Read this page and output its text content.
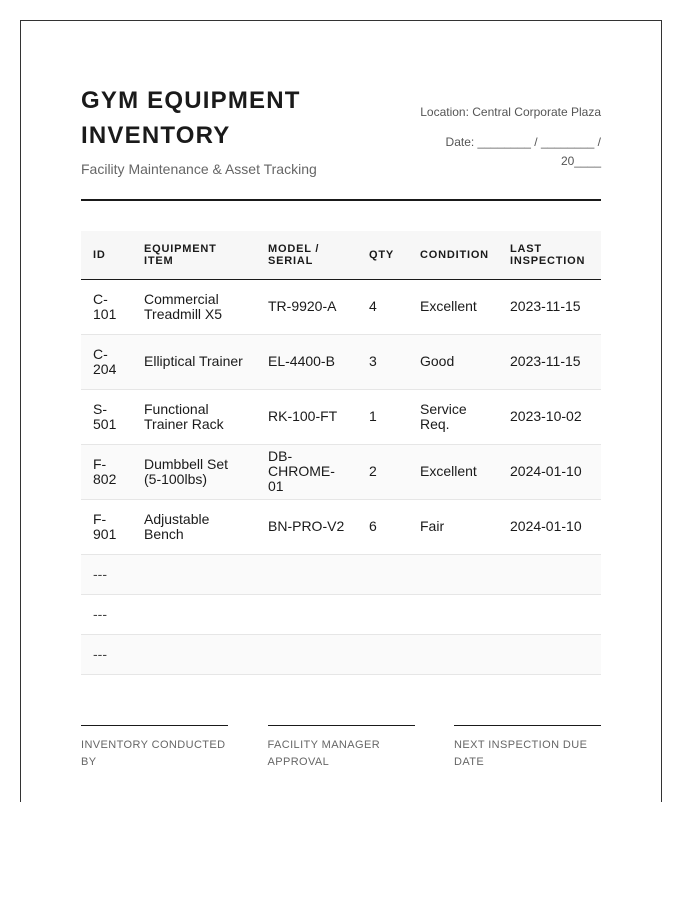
GYM EQUIPMENT INVENTORY
Facility Maintenance & Asset Tracking
Location: Central Corporate Plaza
Date: ________ / ________ / 20____
ID	EQUIPMENT ITEM	MODEL / SERIAL	QTY	CONDITION	LAST INSPECTION
C-101	Commercial Treadmill X5	TR-9920-A	4	Excellent	2023-11-15
C-204	Elliptical Trainer	EL-4400-B	3	Good	2023-11-15
S-501	Functional Trainer Rack	RK-100-FT	1	Service Req.	2023-10-02
F-802	Dumbbell Set (5-100lbs)	DB-CHROME-01	2	Excellent	2024-01-10
F-901	Adjustable Bench	BN-PRO-V2	6	Fair	2024-01-10
---					
---					
---					
INVENTORY CONDUCTED BY
FACILITY MANAGER APPROVAL
NEXT INSPECTION DUE DATE
